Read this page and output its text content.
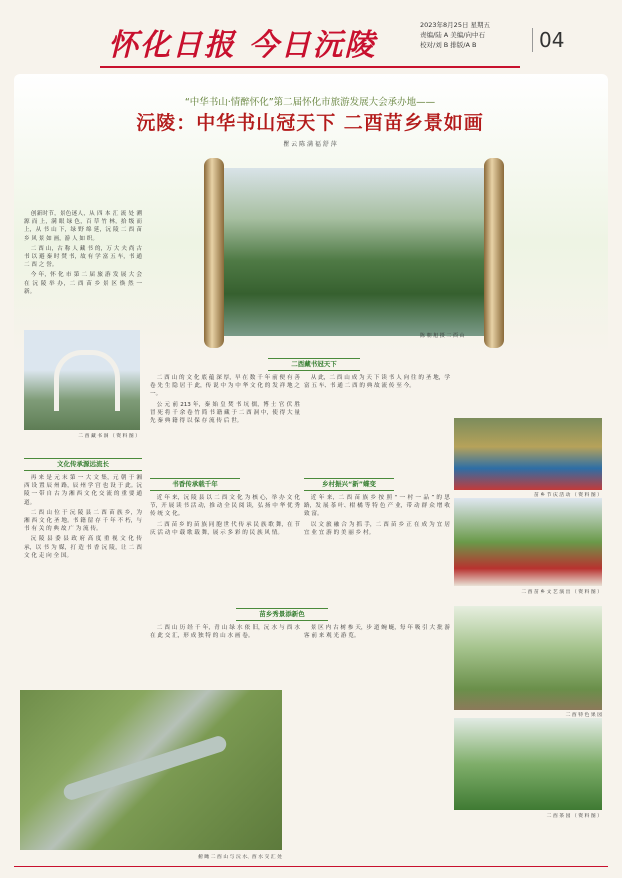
怀化日报 今日沅陵
2023年8月25日 星期五
责编/陆 A 美编/向中石
校对/刘 B 排版/A B	04
“中华书山·情醉怀化”第二届怀化市旅游发展大会承办地——
沅陵：中华书山冠天下 二酉苗乡景如画
瞿 云 陈 满 福 舒 萍
陈 朝 旭 摄 二 酉 山

创新时节，景色迷人，从 四 本 汇 流 处 溯 源 而 上，满 眼 绿 色，百 草 竹 林，拾 级 而 上，从 书 山 下，绿 野 绵 延，沅 陵 二 酉 苗 乡 风 景 如 画，游 人 如 织。

二 酉 山，古 称 人 藏 书 的，万 大 夫 尚 古 书 以 避 秦 时 焚 书，故 有 学 富 五 车，书 通 二 酉 之 誉。

今 年，怀 化 市 第 二 届 旅 游 发 展 大 会 在 沅 陵 举 办，二 酉 苗 乡 景 区 焕 然 一 新。

二 酉 藏 书 洞 （ 资 料 图 ）
文化传承源远流长

再 来 是 元 末 第 一 大 文 集，元 朝 于 湘 西 设 置 辰 州 路，辰 州 学 宫 也 设 于 此。沅 陵 一 带 自 古 为 湘 西 文 化 交 流 的 重 要 通 道。

二 酉 山 位 于 沅 陵 县 二 酉 苗 族 乡，为 湘 西 文 化 圣 地。书 籍 留 存 千 年 不 朽，与 书 有 关 的 典 故 广 为 流 传。

沅 陵 县 委 县 政 府 高 度 重 视 文 化 传 承，以 书 为 媒，打 造 书 香 沅 陵，让 二 酉 文 化 走 向 全 国。

二酉藏书冠天下

二 酉 山 的 文 化 底 蕴 深 厚，早 在 数 千 年 前 便 有 善 卷 先 生 隐 居 于 此，传 说 中 为 中 华 文 化 的 发 祥 地 之 一。

公 元 前 213 年，秦 始 皇 焚 书 坑 儒，博 士 官 伏 胜 冒 死 将 千 余 卷 竹 简 书 籍 藏 于 二 酉 洞 中，使 得 大 量 先 秦 典 籍 得 以 保 存 流 传 后 世。

从 此，二 酉 山 成 为 天 下 读 书 人 向 往 的 圣 地，学 富 五 车、书 通 二 酉 的 典 故 流 传 至 今。

书香传承载千年

近 年 来，沅 陵 县 以 二 酉 文 化 为 核 心，举 办 文 化 节，开 展 读 书 活 动，推 动 全 民 阅 读，弘 扬 中 华 优 秀 传 统 文 化。

二 酉 苗 乡 的 苗 族 同 胞 世 代 传 承 民 族 歌 舞，在 节 庆 活 动 中 载 歌 载 舞，展 示 多 彩 的 民 族 风 情。

乡村振兴“新”蝶变

近 年 来，二 酉 苗 族 乡 按 照 “ 一 村 一 品 ” 的 思 路，发 展 茶 叶、柑 橘 等 特 色 产 业，带 动 群 众 增 收 致 富。

以 文 旅 融 合 为 抓 手，二 酉 苗 乡 正 在 成 为 宜 居 宜 业 宜 游 的 美 丽 乡 村。

苗乡秀景添新色

二 酉 山 历 经 千 年，青 山 绿 水 依 旧，沅 水 与 酉 水 在 此 交 汇，形 成 独 特 的 山 水 画 卷。

景 区 内 古 树 参 天，步 道 蜿 蜒，每 年 吸 引 大 批 游 客 前 来 观 光 游 览。

苗 乡 节 庆 活 动 （ 资 料 图 ）
二 酉 苗 乡 文 艺 演 出 （ 资 料 图 ）
二 酉 特 色 果 园
二 酉 茶 园 （ 资 料 图 ）
俯 瞰 二 酉 山 与 沅 水、酉 水 交 汇 处
